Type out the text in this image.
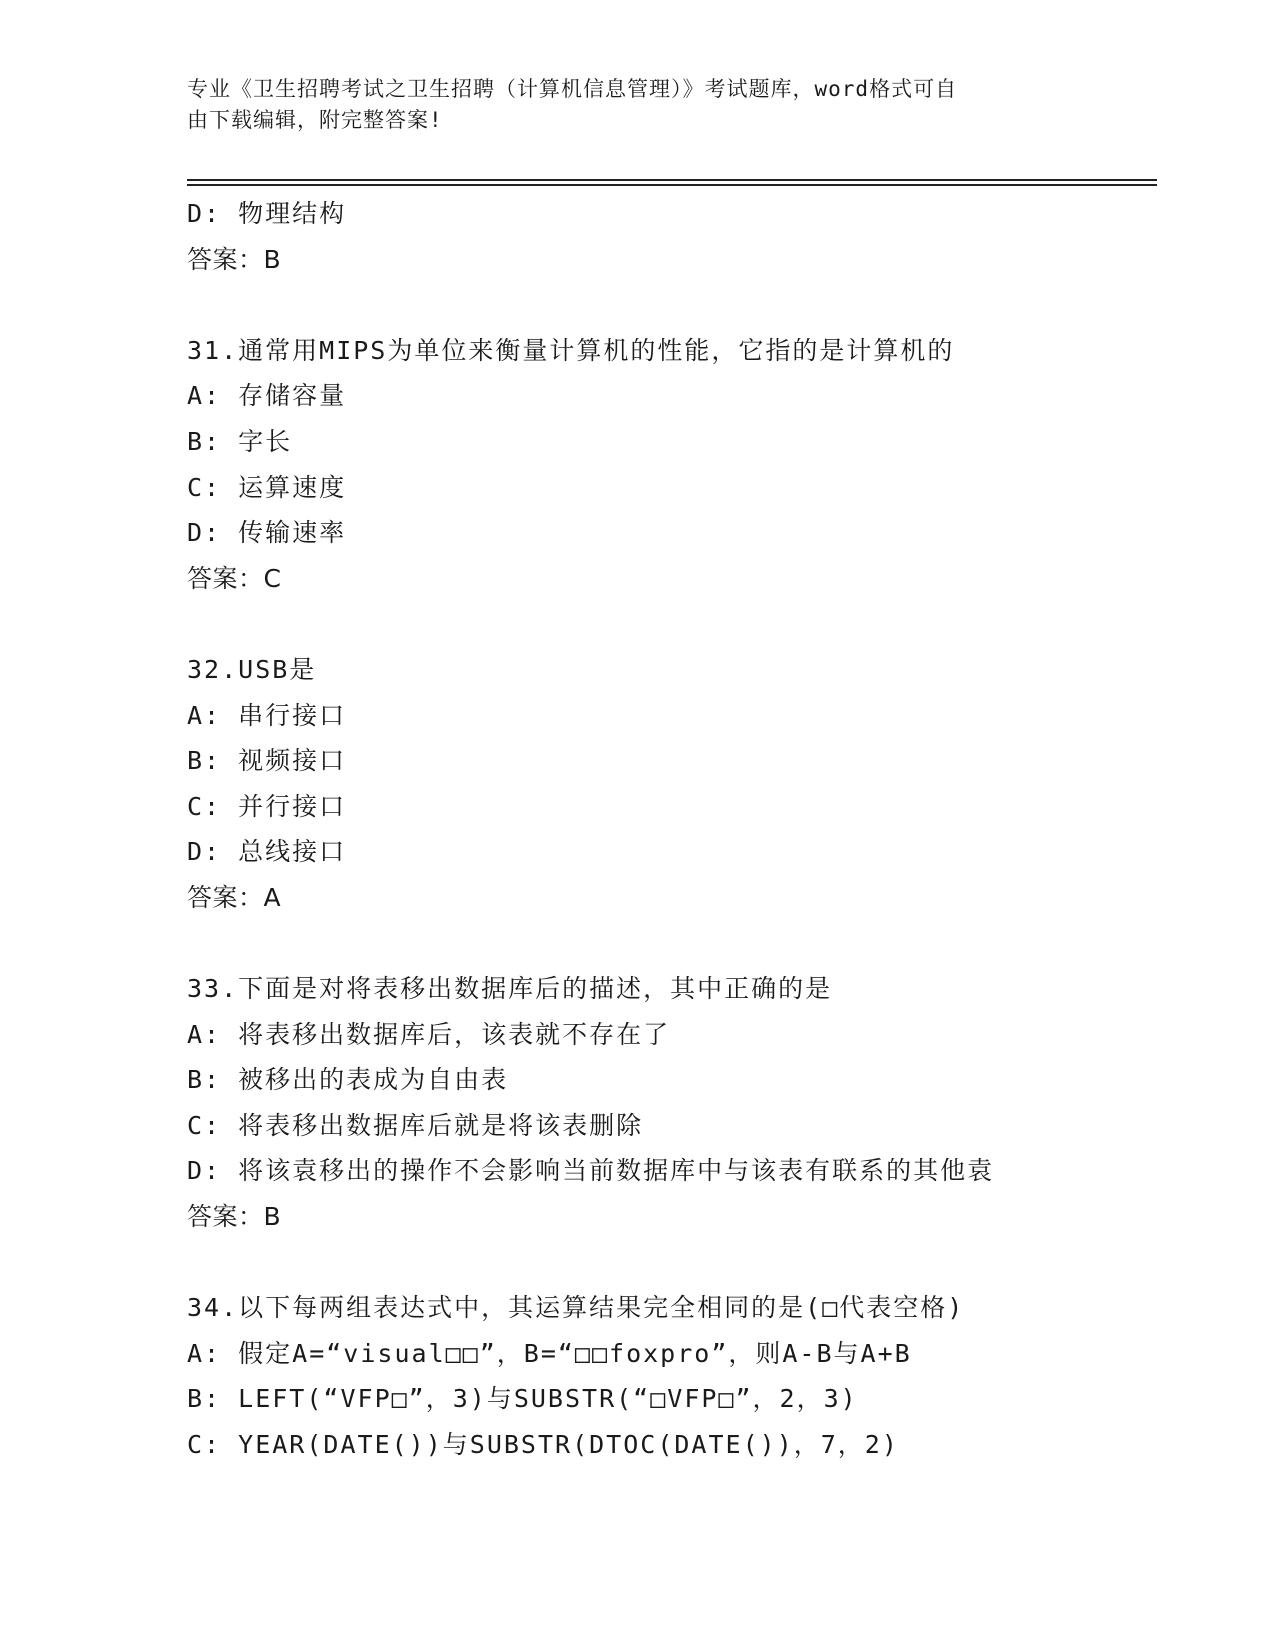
专业《卫生招聘考试之卫生招聘（计算机信息管理）》考试题库，word格式可自
由下载编辑，附完整答案!
D: 物理结构
答案：B
31.通常用MIPS为单位来衡量计算机的性能，它指的是计算机的
A: 存储容量
B: 字长
C: 运算速度
D: 传输速率
答案：C
32.USB是
A: 串行接口
B: 视频接口
C: 并行接口
D: 总线接口
答案：A
33.下面是对将表移出数据库后的描述，其中正确的是
A: 将表移出数据库后，该表就不存在了
B: 被移出的表成为自由表
C: 将表移出数据库后就是将该表删除
D: 将该袁移出的操作不会影响当前数据库中与该表有联系的其他袁
答案：B
34.以下每两组表达式中，其运算结果完全相同的是(□代表空格)
A: 假定A=“visual□□”，B=“□□foxpro”，则A-B与A+B
B: LEFT(“VFP□”，3)与SUBSTR(“□VFP□”，2，3)
C: YEAR(DATE())与SUBSTR(DTOC(DATE())，7，2)
